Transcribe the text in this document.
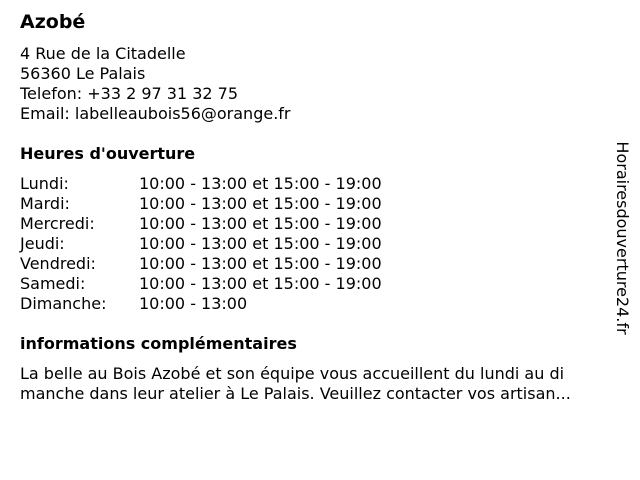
Azobé
4 Rue de la Citadelle
56360 Le Palais
Telefon: +33 2 97 31 32 75
Email: labelleaubois56@orange.fr
Heures d'ouverture
Lundi:	10:00 - 13:00 et 15:00 - 19:00
Mardi:	10:00 - 13:00 et 15:00 - 19:00
Mercredi:	10:00 - 13:00 et 15:00 - 19:00
Jeudi:	10:00 - 13:00 et 15:00 - 19:00
Vendredi:	10:00 - 13:00 et 15:00 - 19:00
Samedi:	10:00 - 13:00 et 15:00 - 19:00
Dimanche: 10:00 - 13:00
informations complémentaires
La belle au Bois Azobé et son équipe vous accueillent du lundi au di
manche dans leur atelier à Le Palais. Veuillez contacter vos artisan...
Horairesdouverture24.fr
